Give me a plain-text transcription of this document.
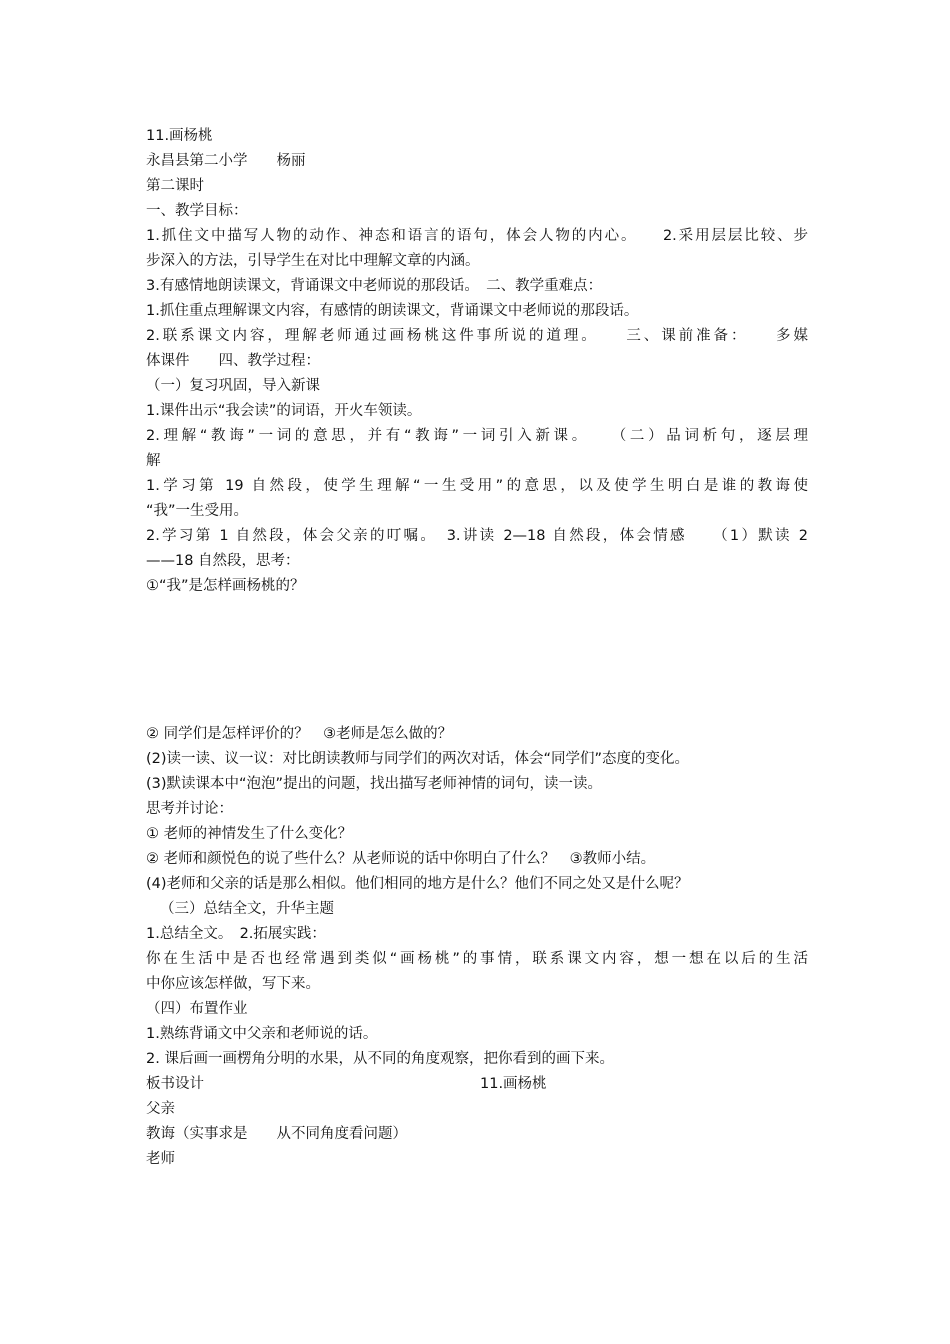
11.画杨桃

永昌县第二小学　　杨丽

第二课时

一、教学目标：

1.抓住文中描写人物的动作、神态和语言的语句，体会人物的内心。　　2.采用层层比较、步

步深入的方法，引导学生在对比中理解文章的内涵。

3.有感情地朗读课文，背诵课文中老师说的那段话。　二、教学重难点：

1.抓住重点理解课文内容，有感情的朗读课文，背诵课文中老师说的那段话。

2.联系课文内容，理解老师通过画杨桃这件事所说的道理。　　三、课前准备：　　多媒

体课件　　四、教学过程：

（一）复习巩固，导入新课

1.课件出示“我会读”的词语，开火车领读。

2.理解“教诲”一词的意思，并有“教诲”一词引入新课。　　（二）品词析句，逐层理

解

1.学习第 19 自然段，使学生理解“一生受用”的意思，以及使学生明白是谁的教诲使

“我”一生受用。

2.学习第 1 自然段，体会父亲的叮嘱。　3.讲读 2—18 自然段，体会情感　　（1）默读 2

——18 自然段，思考：

①“我”是怎样画杨桃的？

② 同学们是怎样评价的？　③老师是怎么做的？

(2)读一读、议一议：对比朗读教师与同学们的两次对话，体会“同学们”态度的变化。

(3)默读课本中“泡泡”提出的问题，找出描写老师神情的词句，读一读。

思考并讨论：

① 老师的神情发生了什么变化？

② 老师和颜悦色的说了些什么？从老师说的话中你明白了什么？　③教师小结。

(4)老师和父亲的话是那么相似。他们相同的地方是什么？他们不同之处又是什么呢？

（三）总结全文，升华主题

1.总结全文。　2.拓展实践：

你在生活中是否也经常遇到类似“画杨桃”的事情，联系课文内容，想一想在以后的生活

中你应该怎样做，写下来。

（四）布置作业

1.熟练背诵文中父亲和老师说的话。

2. 课后画一画楞角分明的水果，从不同的角度观察，把你看到的画下来。

板书设计	11.画杨桃

父亲

教诲（实事求是　　从不同角度看问题）

老师
